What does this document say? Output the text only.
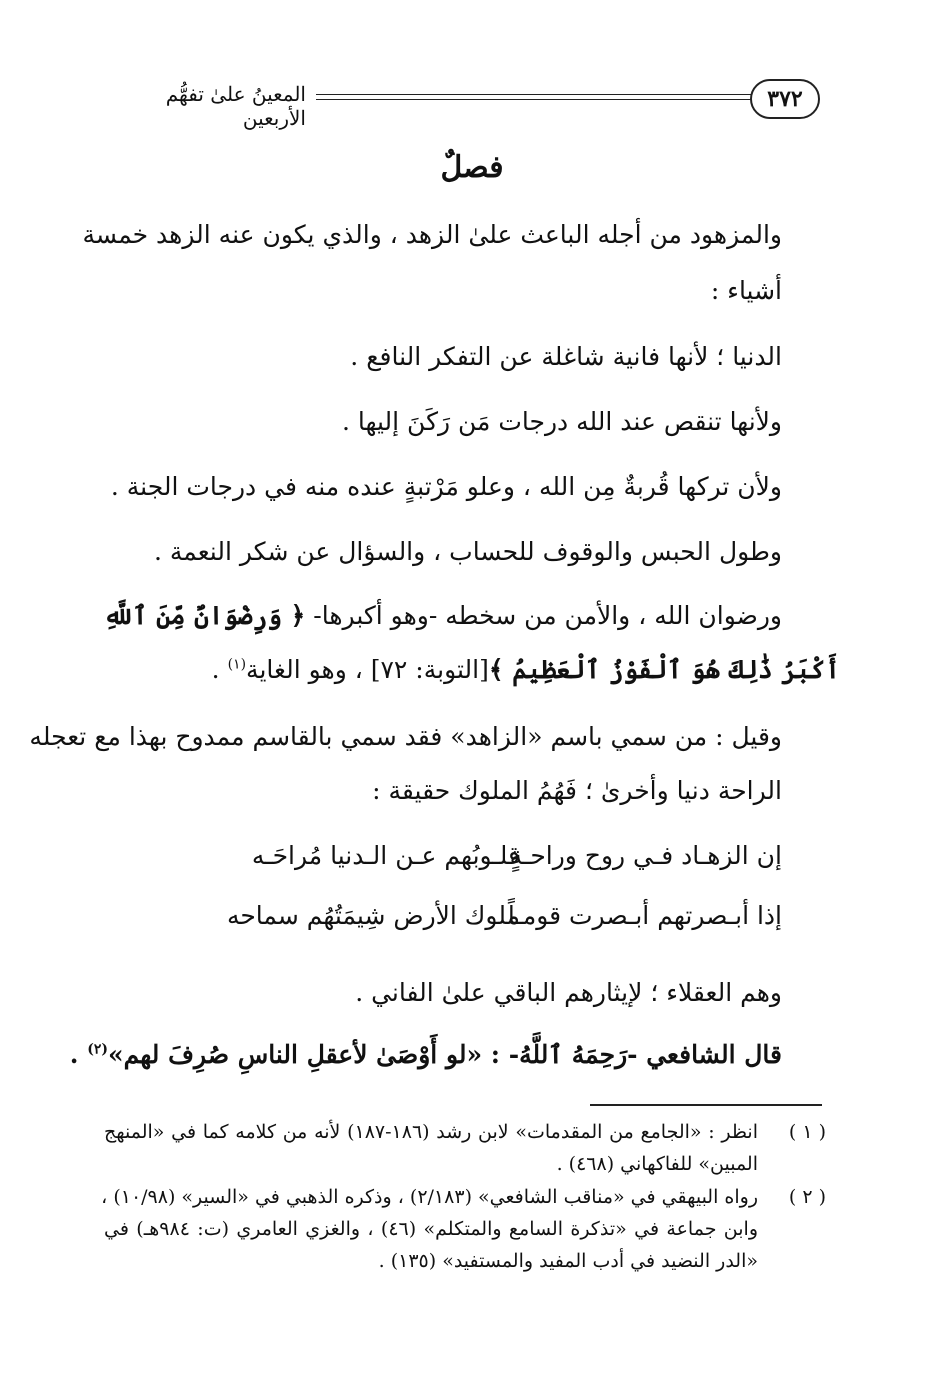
المعينُ علىٰ تفهُّم الأربعين
٣٧٢
فصلٌ
والمزهود من أجله الباعث علىٰ الزهد ، والذي يكون عنه الزهد خمسة
أشياء :
الدنيا ؛ لأنها فانية شاغلة عن التفكر النافع .
ولأنها تنقص عند الله درجات مَن رَكَنَ إليها .
ولأن تركها قُربةٌ مِن الله ، وعلو مَرْتبةٍ عنده منه في درجات الجنة .
وطول الحبس والوقوف للحساب ، والسؤال عن شكر النعمة .
ورضوان الله ، والأمن من سخطه -وهو أكبرها- ﴿ وَرِضْوَانٌ مِّنَ ٱللَّهِ
أَكْبَرُ ذَٰلِكَ هُوَ ٱلْفَوْزُ ٱلْعَظِيمُ ﴾[التوبة: ٧٢] ، وهو الغاية$^{(١)}$ .
وقيل : من سمي باسم «الزاهد» فقد سمي بالقاسم ممدوح بهذا مع تعجله
الراحة دنيا وأخرىٰ ؛ فَهُمُ الملوك حقيقة :
إن الزهـاد فـي روح وراحـةٍ
قلـوبُهم عـن الـدنيا مُراحَـه
إذا أبـصرتهم أبـصرت قومـاً
ملوك الأرض شِيمَتُهُم سماحه
وهم العقلاء ؛ لإيثارهم الباقي علىٰ الفاني .
قال الشافعي -رَحِمَهُ ٱللَّهُ- : «لو أَوْصَىٰ لأعقلِ الناسِ صُرِفَ لهم»$^{(٢)}$ .
( ١ )
انظر : «الجامع من المقدمات» لابن رشد (١٨٦-١٨٧) لأنه من كلامه كما في «المنهج
المبين» للفاكهاني (٤٦٨) .
( ٢ )
رواه البيهقي في «مناقب الشافعي» (٢/١٨٣) ، وذكره الذهبي في «السير» (١٠/٩٨) ،
وابن جماعة في «تذكرة السامع والمتكلم» (٤٦) ، والغزي العامري (ت: ٩٨٤هـ) في
«الدر النضيد في أدب المفيد والمستفيد» (١٣٥) .
